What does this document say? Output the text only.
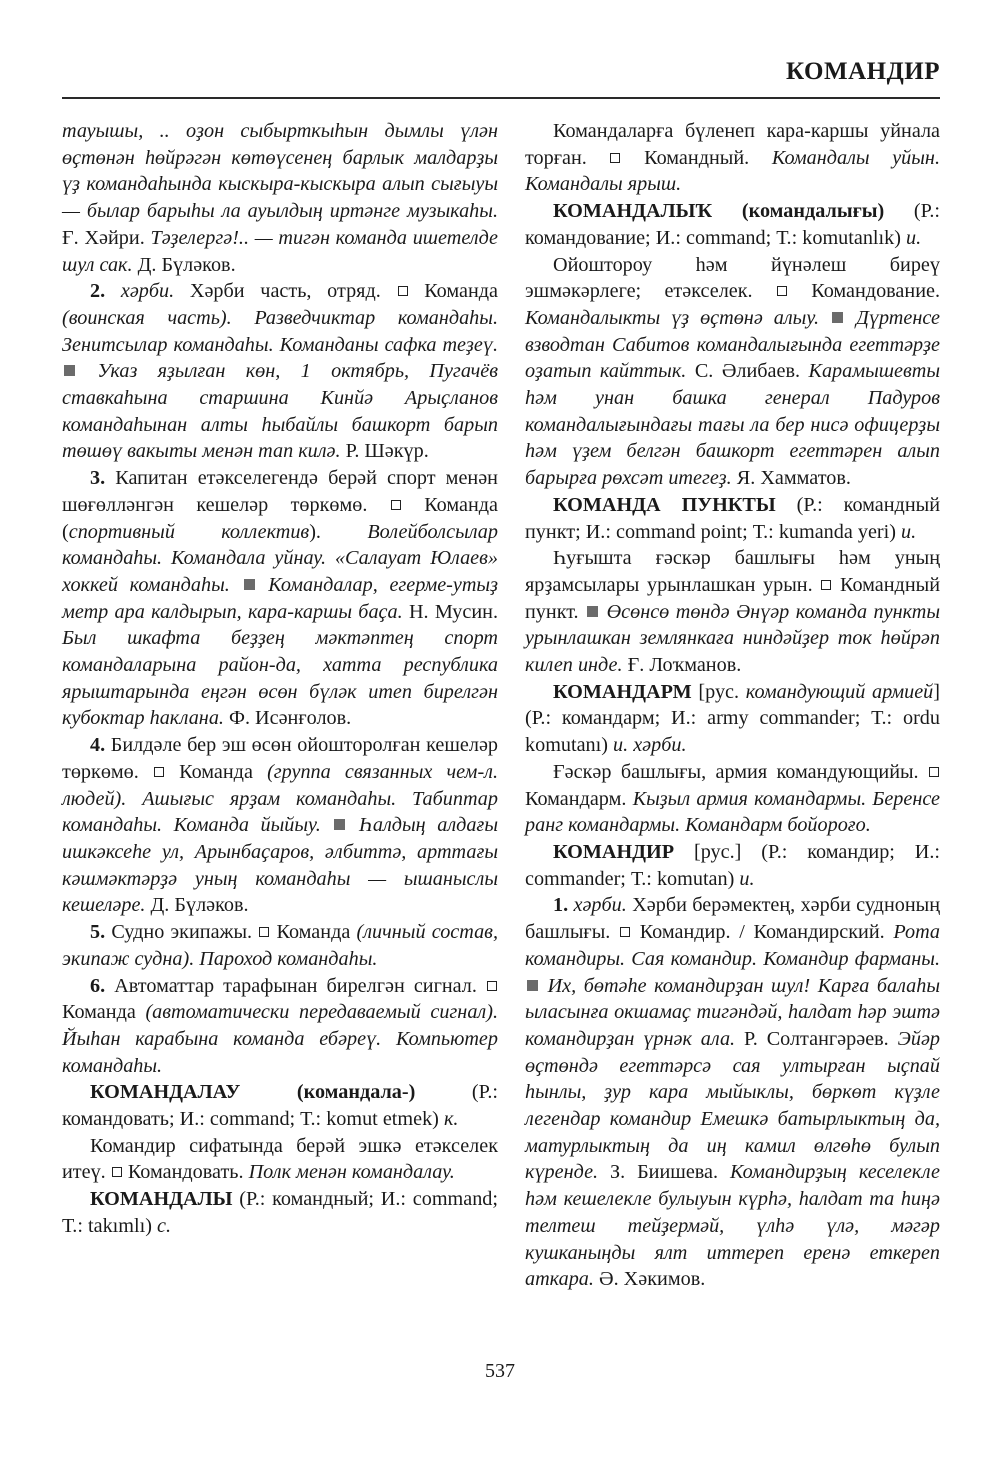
КОМАНДИР

тауышы, .. оҙон сыбырткыһын дымлы үлән өҫтөнән һөйрәгән көтөүсенең барлык малдарҙы үҙ командаһында кыскыра-кыскыра алып сығыуы — былар барыһы ла ауылдың иртәнге музыкаһы. Ғ. Хәйри. Тәҙелергә!.. — тигән команда ишетелде шул сак. Д. Бүләков.

2. хәрби. Хәрби часть, отряд. Команда (воинская часть). Разведчиктар командаһы. Зенитсылар командаһы. Команданы сафка теҙеү.  Указ яҙылған көн, 1 октябрь, Пугачёв ставкаһына старшина Кинйә Арыҫланов командаһынан алты һыбайлы башкорт барып төшөү вакыты менән тап килә. Р. Шәкүр.

3. Капитан етәкселегендә берәй спорт менән шөғөлләнгән кешеләр төркөмө.	Команда (спортивный коллектив). Волейболсылар командаһы. Командала уйнау. «Салауат Юлаев» хоккей командаһы. Командалар, егерме-утыҙ метр ара калдырып, кара-каршы баҫа. Н. Мусин. Был шкафта беҙҙең мәктәптең спорт командаларына район-да, хатта республика ярыштарында еңгән өсөн бүләк итеп бирелгән кубоктар һаклана. Ф. Исәнғолов.

4. Билдәле бер эш өсөн ойошторолған кешеләр төркөмө. Команда (группа связанных чем-л. людей). Ашығыс ярҙам командаһы. Табиптар командаһы. Команда йыйыу. Һалдың алдағы ишкәксеһе ул, Арынбаҫаров, әлбиттә, арттағы кәшмәктәрҙә уның командаһы — ышаныслы кешеләре. Д. Бүләков.

5. Судно экипажы. Команда (личный состав, экипаж судна). Пароход командаһы.

6. Автоматтар тарафынан бирелгән сигнал.  Команда (автоматически передаваемый сигнал). Йыһан карабына команда ебәреү. Компьютер командаһы.

КОМАНДАЛАУ (командала-)	(Р.: командовать; И.: command; Т.: komut etmek) к.

Командир сифатында берәй эшкә етәкселек итеү. Командовать. Полк менән командалау.

КОМАНДАЛЫ (Р.: командный; И.: command; Т.: takımlı) с.

Командаларға бүленеп кара-каршы уйнала торған.	Командный. Командалы уйын. Командалы ярыш.

КОМАНДАЛЫҠ (командалығы) (Р.: командование; И.: command; Т.: komutanlık) и.

Ойоштороу һәм йүнәлеш биреү эшмәкәрлеге; етәкселек.	Командование. Командалыкты үҙ өҫтөнә алыу. Дүртенсе взводтан Сабитов командалығында егеттәрҙе оҙатып кайттык. С. Әлибаев. Карамышевты һәм унан башка генерал Падуров командалығындағы тағы ла бер нисә офицерҙы һәм үҙем белгән башкорт егеттәрен алып барырға рөхсәт итегеҙ. Я. Хамматов.

КОМАНДА ПУНКТЫ (Р.: командный пункт; И.: command point; Т.: kumanda yeri) и.

Һуғышта ғәскәр башлығы һәм уның ярҙамсылары урынлашкан урын. Командный пункт. Өсөнсө төндә Әнүәр команда пункты урынлашкан землянкаға ниндәйҙер ток һөйрәп килеп инде. Ғ. Лоҡманов.

КОМАНДАРМ [рус. командующий армией] (Р.: командарм; И.: army commander; Т.: ordu komutanı) и. хәрби.

Ғәскәр башлығы, армия командующийы.  Командарм. Кыҙыл армия командармы. Беренсе ранг командармы. Командарм бойороғо.

КОМАНДИР [рус.] (Р.: командир; И.: commander; Т.: komutan) и.

1. хәрби. Хәрби берәмектең, хәрби судноның башлығы. Командир. / Командирский. Рота командиры. Сая командир. Командир фарманы.  Их, бөтәһе командирҙан шул! Карға балаһы ыласынға окшамаҫ тигәндәй, һалдат һәр эштә командирҙан үрнәк ала. Р. Солтангәрәев. Эйәр өҫтөндә егеттәрсә сая ултырған ыҫпай һынлы, ҙур кара мыйыклы, бөркөт күҙле легендар командир Емешкә батырлыктың да, матурлыктың да иң камил өлгөһө булып күренде. З. Биишева. Командирҙың кеселекле һәм кешелекле булыуын күрһә, һалдат та һиңә телтеш тейҙермәй, үлһә үлә, мәгәр кушканыңды ялт иттереп еренә еткереп аткара. Ә. Хәкимов.

537
